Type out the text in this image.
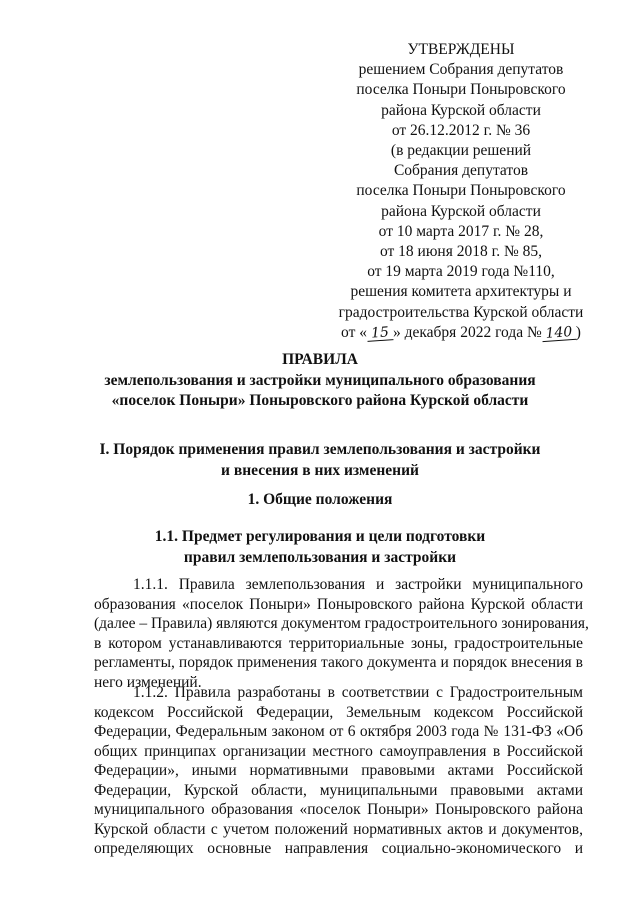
УТВЕРЖДЕНЫ
решением Собрания депутатов
поселка Поныри Поныровского
района Курской области
от 26.12.2012 г. № 36
(в редакции решений
Собрания депутатов
поселка Поныри Поныровского
района Курской области
от 10 марта 2017 г. № 28,
от 18 июня 2018 г. № 85,
от 19 марта 2019 года №110,
решения комитета архитектуры и
градостроительства Курской области
от « 15 » декабря 2022 года № 140 )
ПРАВИЛА
землепользования и застройки муниципального образования
«поселок Поныри» Поныровского района Курской области
I. Порядок применения правил землепользования и застройки
и внесения в них изменений
1. Общие положения
1.1. Предмет регулирования и цели подготовки
правил землепользования и застройки
1.1.1. Правила землепользования и застройки муниципального
образования «поселок Поныри» Поныровского района Курской области
(далее – Правила) являются документом градостроительного зонирования,
в котором устанавливаются территориальные зоны, градостроительные
регламенты, порядок применения такого документа и порядок внесения в
него изменений.
1.1.2. Правила разработаны в соответствии с Градостроительным
кодексом Российской Федерации, Земельным кодексом Российской
Федерации, Федеральным законом от 6 октября 2003 года № 131-ФЗ «Об
общих принципах организации местного самоуправления в Российской
Федерации», иными нормативными правовыми актами Российской
Федерации, Курской области, муниципальными правовыми актами
муниципального образования «поселок Поныри» Поныровского района
Курской области с учетом положений нормативных актов и документов,
определяющих основные направления социально-экономического и
